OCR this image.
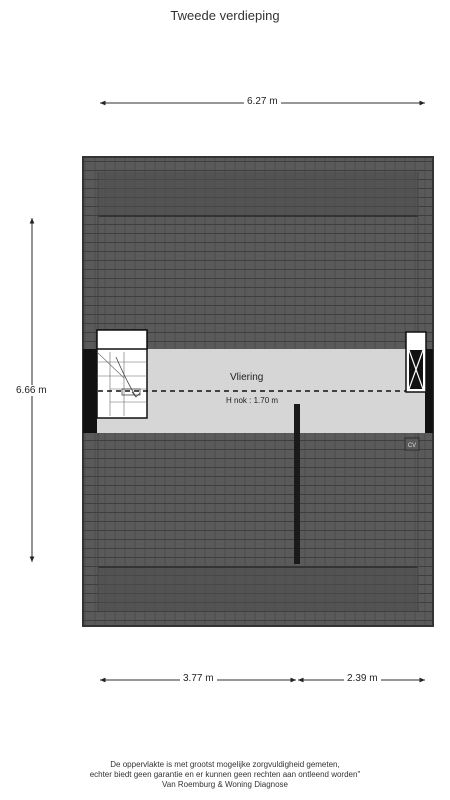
Tweede verdieping
CV
6.27 m
6.66 m
3.77 m	2.39 m
Vliering
H nok : 1.70 m
De oppervlakte is met grootst mogelijke zorgvuldigheid gemeten,
echter biedt geen garantie en er kunnen geen rechten aan ontleend worden"
Van Roemburg & Woning Diagnose
